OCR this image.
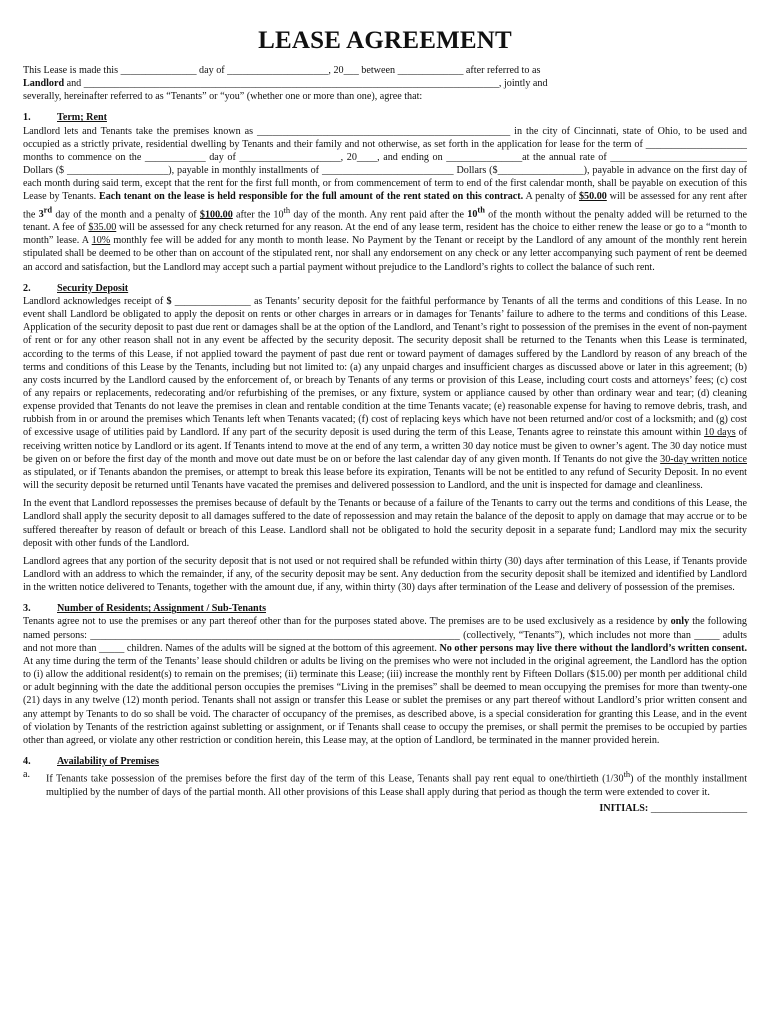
LEASE AGREEMENT

This Lease is made this _______________ day of ____________________, 20___ between _____________ after referred to as

Landlord and __________________________________________________________________________________, jointly and

severally, hereinafter referred to as “Tenants” or “you” (whether one or more than one), agree that:

1.	Term; Rent

Landlord lets and Tenants take the premises known as __________________________________________________ in the city of Cincinnati, state of Ohio, to be used and occupied as a strictly private, residential dwelling by Tenants and their family and not otherwise, as set forth in the application for lease for the term of ____________________ months to commence on the ____________ day of ____________________, 20____, and ending on _______________at the annual rate of ___________________________ Dollars ($ ____________________), payable in monthly installments of __________________________ Dollars ($_________________), payable in advance on the first day of each month during said term, except that the rent for the first full month, or from commencement of term to end of the first calendar month, shall be payable on execution of this Lease by Tenants. Each tenant on the lease is held responsible for the full amount of the rent stated on this contract. A penalty of $50.00 will be assessed for any rent after the 3rd day of the month and a penalty of $100.00 after the 10th day of the month. Any rent paid after the 10th of the month without the penalty added will be returned to the tenant. A fee of $35.00 will be assessed for any check returned for any reason. At the end of any lease term, resident has the choice to either renew the lease or go to a “month to month” lease. A 10% monthly fee will be added for any month to month lease. No Payment by the Tenant or receipt by the Landlord of any amount of the monthly rent herein stipulated shall be deemed to be other than on account of the stipulated rent, nor shall any endorsement on any check or any letter accompanying such payment of rent be deemed an accord and satisfaction, but the Landlord may accept such a partial payment without prejudice to the Landlord’s rights to collect the balance of such rent.

2.	Security Deposit

Landlord acknowledges receipt of $ _______________ as Tenants’ security deposit for the faithful performance by Tenants of all the terms and conditions of this Lease. In no event shall Landlord be obligated to apply the deposit on rents or other charges in arrears or in damages for Tenants’ failure to adhere to the terms and conditions of this Lease. Application of the security deposit to past due rent or damages shall be at the option of the Landlord, and Tenant’s right to possession of the premises in the event of non-payment of rent or for any other reason shall not in any event be affected by the security deposit. The security deposit shall be returned to the Tenants when this Lease is terminated, according to the terms of this Lease, if not applied toward the payment of past due rent or toward payment of damages suffered by the Landlord by reason of any breach of the terms and conditions of this Lease by the Tenants, including but not limited to: (a) any unpaid charges and insufficient charges as discussed above or later in this agreement; (b) any costs incurred by the Landlord caused by the enforcement of, or breach by Tenants of any terms or provision of this Lease, including court costs and attorneys’ fees; (c) cost of any repairs or replacements, redecorating and/or refurbishing of the premises, or any fixture, system or appliance caused by other than ordinary wear and tear; (d) cleaning expense provided that Tenants do not leave the premises in clean and rentable condition at the time Tenants vacate; (e) reasonable expense for having to remove debris, trash, and rubbish from in or around the premises which Tenants left when Tenants vacated; (f) cost of replacing keys which have not been returned and/or cost of a locksmith; and (g) cost of excessive usage of utilities paid by Landlord. If any part of the security deposit is used during the term of this Lease, Tenants agree to reinstate this amount within 10 days of receiving written notice by Landlord or its agent. If Tenants intend to move at the end of any term, a written 30 day notice must be given to owner’s agent. The 30 day notice must be given on or before the first day of the month and move out date must be on or before the last calendar day of any given month. If Tenants do not give the 30-day written notice as stipulated, or if Tenants abandon the premises, or attempt to break this lease before its expiration, Tenants will be not be entitled to any refund of Security Deposit. In no event will the security deposit be returned until Tenants have vacated the premises and delivered possession to Landlord, and the unit is inspected for damage and cleanliness.

In the event that Landlord repossesses the premises because of default by the Tenants or because of a failure of the Tenants to carry out the terms and conditions of this Lease, the Landlord shall apply the security deposit to all damages suffered to the date of repossession and may retain the balance of the deposit to apply on damage that may accrue or to be suffered thereafter by reason of default or breach of this Lease. Landlord shall not be obligated to hold the security deposit in a separate fund; Landlord may mix the security deposit with other funds of the Landlord.

Landlord agrees that any portion of the security deposit that is not used or not required shall be refunded within thirty (30) days after termination of this Lease, if Tenants provide Landlord with an address to which the remainder, if any, of the security deposit may be sent. Any deduction from the security deposit shall be itemized and identified by Landlord in the written notice delivered to Tenants, together with the amount due, if any, within thirty (30) days after termination of the Lease and delivery of possession of the premises.

3.	Number of Residents; Assignment / Sub-Tenants

Tenants agree not to use the premises or any part thereof other than for the purposes stated above. The premises are to be used exclusively as a residence by only the following named persons: _________________________________________________________________________ (collectively, “Tenants”), which includes not more than _____ adults and not more than _____ children. Names of the adults will be signed at the bottom of this agreement. No other persons may live there without the landlord’s written consent. At any time during the term of the Tenants’ lease should children or adults be living on the premises who were not included in the original agreement, the Landlord has the option to (i) allow the additional resident(s) to remain on the premises; (ii) terminate this Lease; (iii) increase the monthly rent by Fifteen Dollars ($15.00) per month per additional child or adult beginning with the date the additional person occupies the premises “Living in the premises” shall be deemed to mean occupying the premises for more than twenty-one (21) days in any twelve (12) month period. Tenants shall not assign or transfer this Lease or sublet the premises or any part thereof without Landlord’s prior written consent and any attempt by Tenants to do so shall be void. The character of occupancy of the premises, as described above, is a special consideration for granting this Lease, and in the event of violation by Tenants of the restriction against subletting or assignment, or if Tenants shall cease to occupy the premises, or shall permit the premises to be occupied by parties other than agreed, or violate any other restriction or condition herein, this Lease may, at the option of Landlord, be terminated in the manner provided herein.

4.	Availability of Premises
a.	If Tenants take possession of the premises before the first day of the term of this Lease, Tenants shall pay rent equal to one/thirtieth (1/30th) of the monthly installment multiplied by the number of days of the partial month. All other provisions of this Lease shall apply during that period as though the term were extended to cover it.

INITIALS: ___________________
